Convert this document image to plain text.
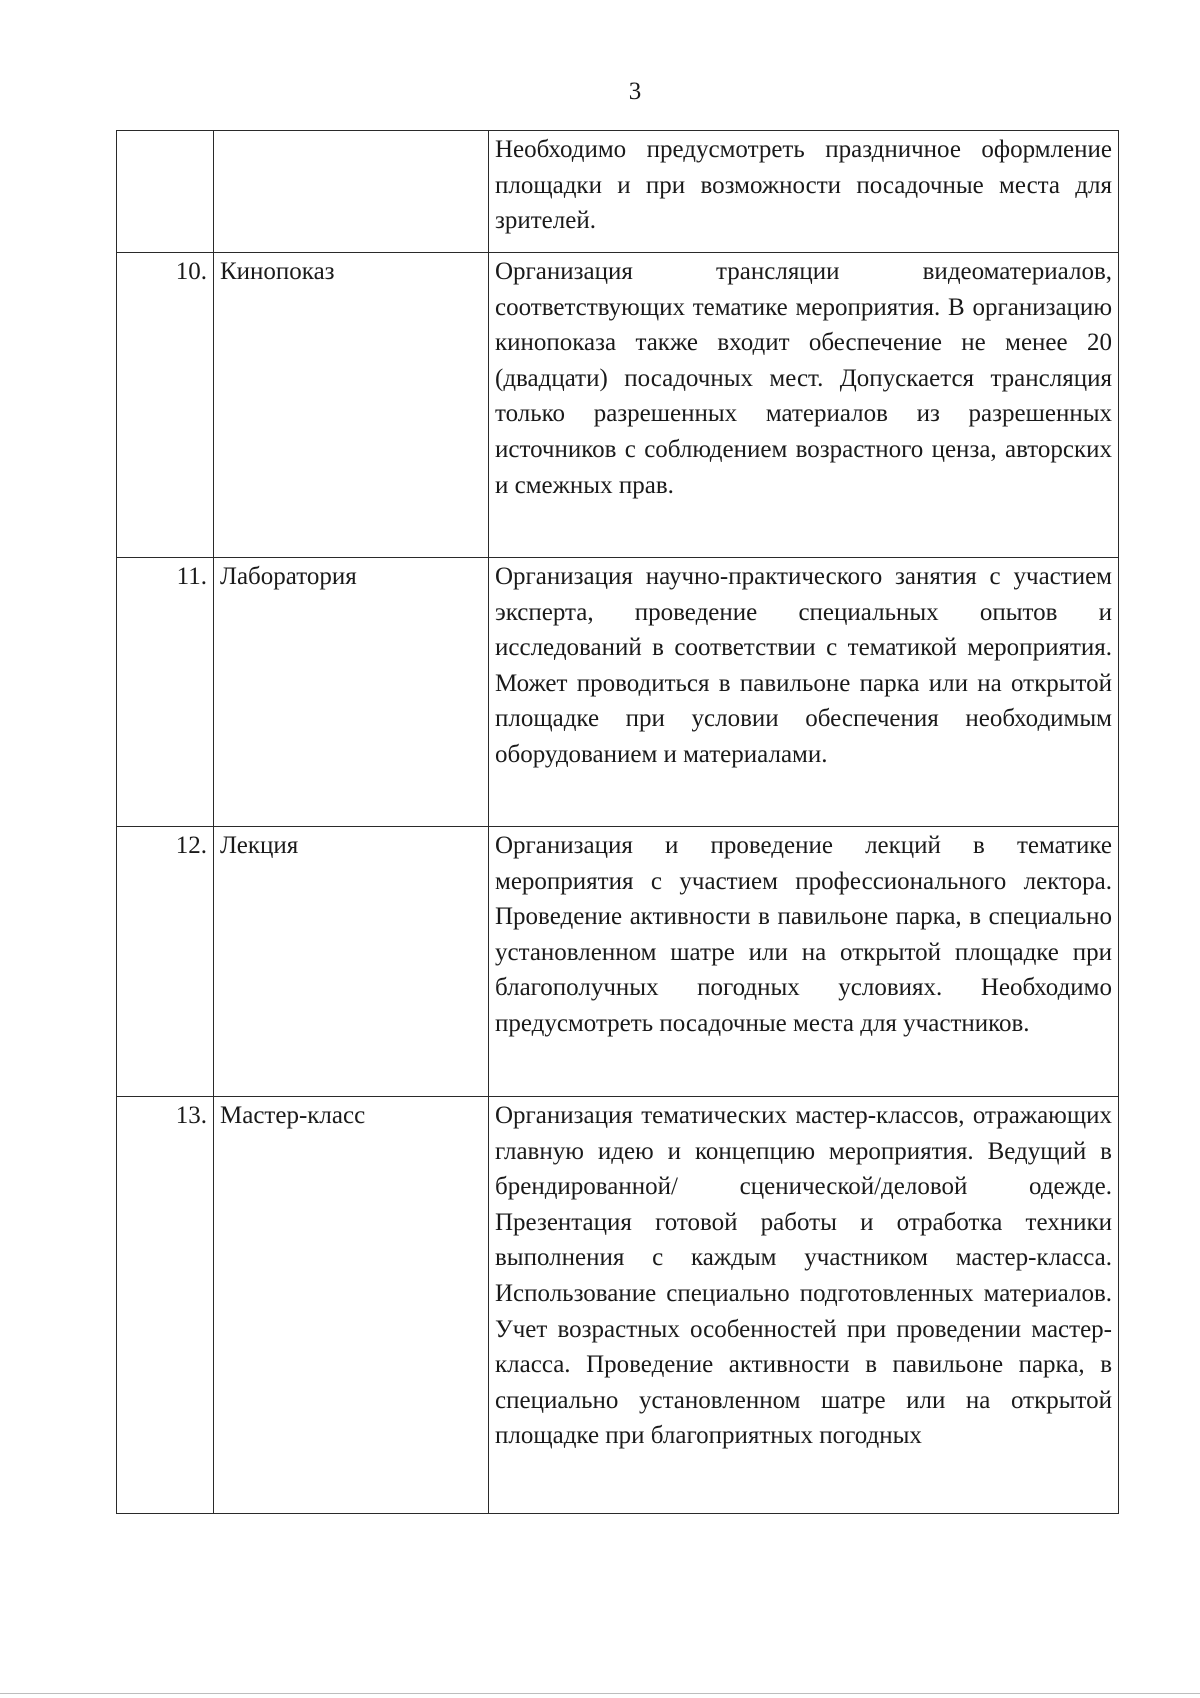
3
		Необходимо предусмотреть праздничное оформление площадки и при возможности посадочные места для зрителей.
10.	Кинопоказ	Организация трансляции видеоматериалов, соответствующих тематике мероприятия. В организацию кинопоказа также входит обеспечение не менее 20 (двадцати) посадочных мест. Допускается трансляция только разрешенных материалов из разрешенных источников с соблюдением возрастного ценза, авторских и смежных прав.
11.	Лаборатория	Организация научно-практического занятия с участием эксперта, проведение специальных опытов и исследований в соответствии с тематикой мероприятия. Может проводиться в павильоне парка или на открытой площадке при условии обеспечения необходимым оборудованием и материалами.
12.	Лекция	Организация и проведение лекций в тематике мероприятия с участием профессионального лектора. Проведение активности в павильоне парка, в специально установленном шатре или на открытой площадке при благополучных погодных условиях. Необходимо предусмотреть посадочные места для участников.
13.	Мастер-класс	Организация тематических мастер-классов, отражающих главную идею и концепцию мероприятия. Ведущий в брендированной/ сценической/деловой одежде. Презентация готовой работы и отработка техники выполнения с каждым участником мастер-класса. Использование специально подготовленных материалов. Учет возрастных особенностей при проведении мастер-класса. Проведение активности в павильоне парка, в специально установленном шатре или на открытой площадке при благоприятных погодных
